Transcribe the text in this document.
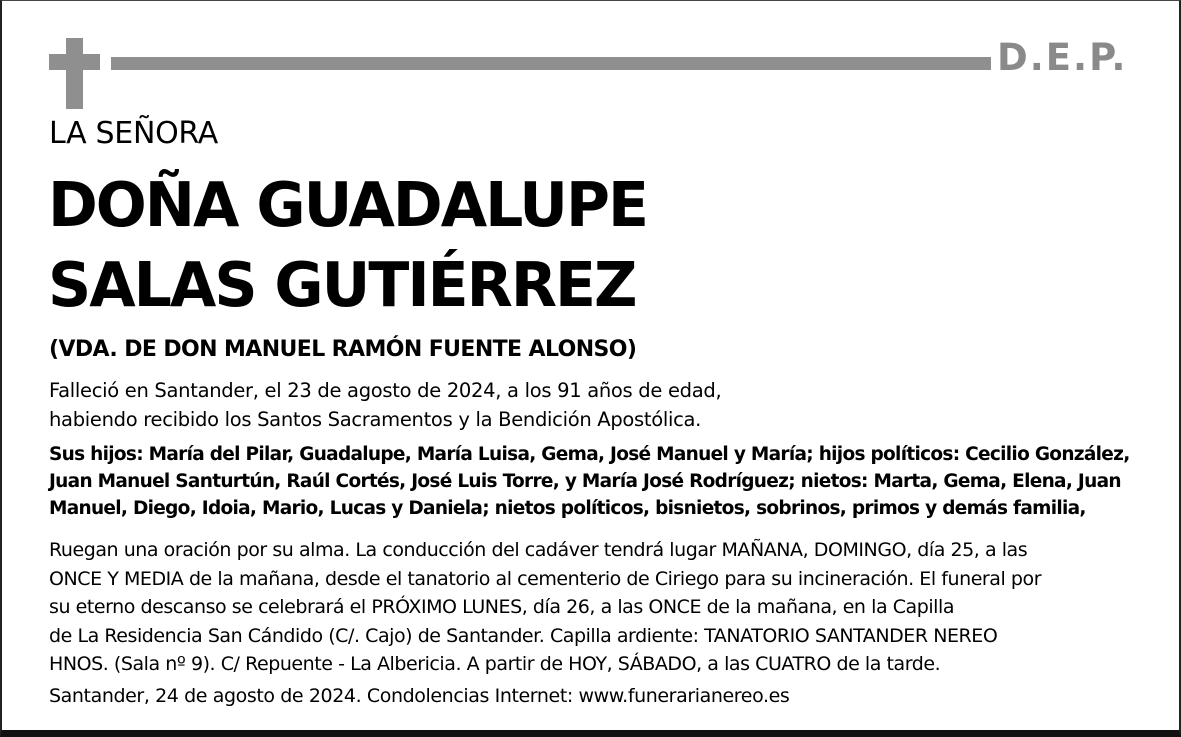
D.E.P.
LA SEÑORA
DOÑA GUADALUPE
SALAS GUTIÉRREZ
(VDA. DE DON MANUEL RAMÓN FUENTE ALONSO)
Falleció en Santander, el 23 de agosto de 2024, a los 91 años de edad,
habiendo recibido los Santos Sacramentos y la Bendición Apostólica.
Sus hijos: María del Pilar, Guadalupe, María Luisa, Gema, José Manuel y María; hijos políticos: Cecilio González,
Juan Manuel Santurtún, Raúl Cortés, José Luis Torre, y María José Rodríguez; nietos: Marta, Gema, Elena, Juan
Manuel, Diego, Idoia, Mario, Lucas y Daniela; nietos políticos, bisnietos, sobrinos, primos y demás familia,
Ruegan una oración por su alma. La conducción del cadáver tendrá lugar MAÑANA, DOMINGO, día 25, a las
ONCE Y MEDIA de la mañana, desde el tanatorio al cementerio de Ciriego para su incineración. El funeral por
su eterno descanso se celebrará el PRÓXIMO LUNES, día 26, a las ONCE de la mañana, en la Capilla
de La Residencia San Cándido (C/. Cajo) de Santander. Capilla ardiente: TANATORIO SANTANDER NEREO
HNOS. (Sala nº 9). C/ Repuente - La Albericia. A partir de HOY, SÁBADO, a las CUATRO de la tarde.
Santander, 24 de agosto de 2024. Condolencias Internet: www.funerarianereo.es
